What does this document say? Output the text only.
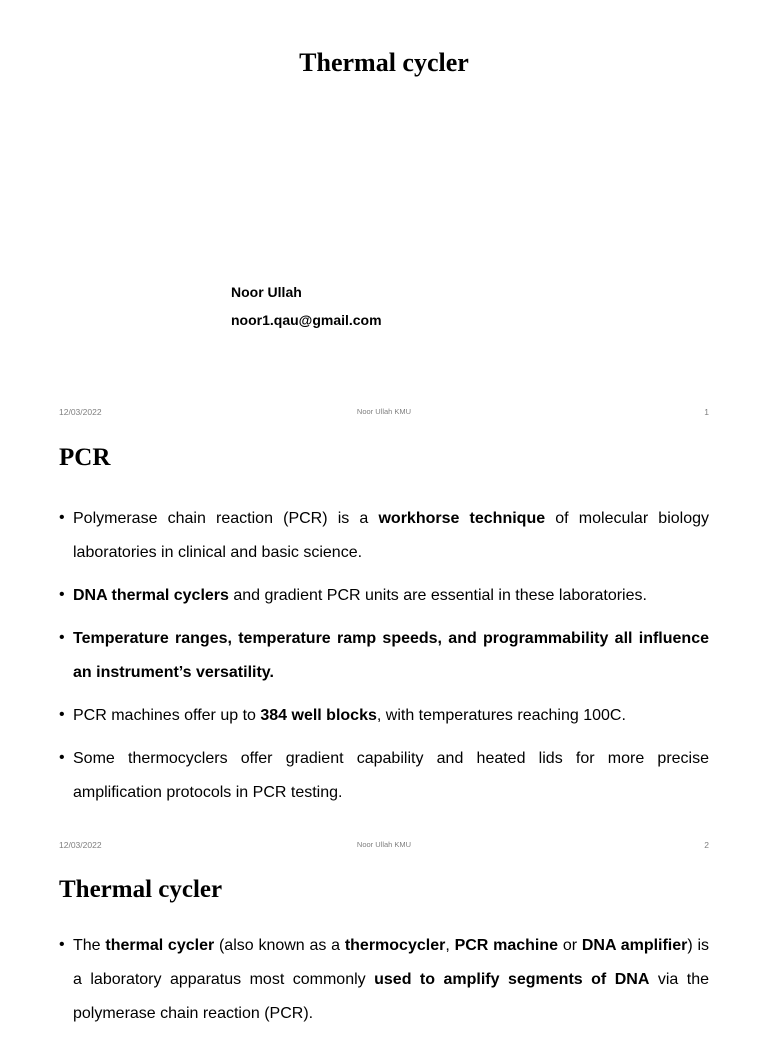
Thermal cycler
Noor Ullah
noor1.qau@gmail.com
12/03/2022	Noor Ullah KMU	1
PCR
• Polymerase chain reaction (PCR) is a workhorse technique of molecular biology laboratories in clinical and basic science.
• DNA thermal cyclers and gradient PCR units are essential in these laboratories.
• Temperature ranges, temperature ramp speeds, and programmability all influence an instrument’s versatility.
• PCR machines offer up to 384 well blocks, with temperatures reaching 100C.
• Some thermocyclers offer gradient capability and heated lids for more precise amplification protocols in PCR testing.
12/03/2022	Noor Ullah KMU	2
Thermal cycler
• The thermal cycler (also known as a thermocycler, PCR machine or DNA amplifier) is a laboratory apparatus most commonly used to amplify segments of DNA via the polymerase chain reaction (PCR).
